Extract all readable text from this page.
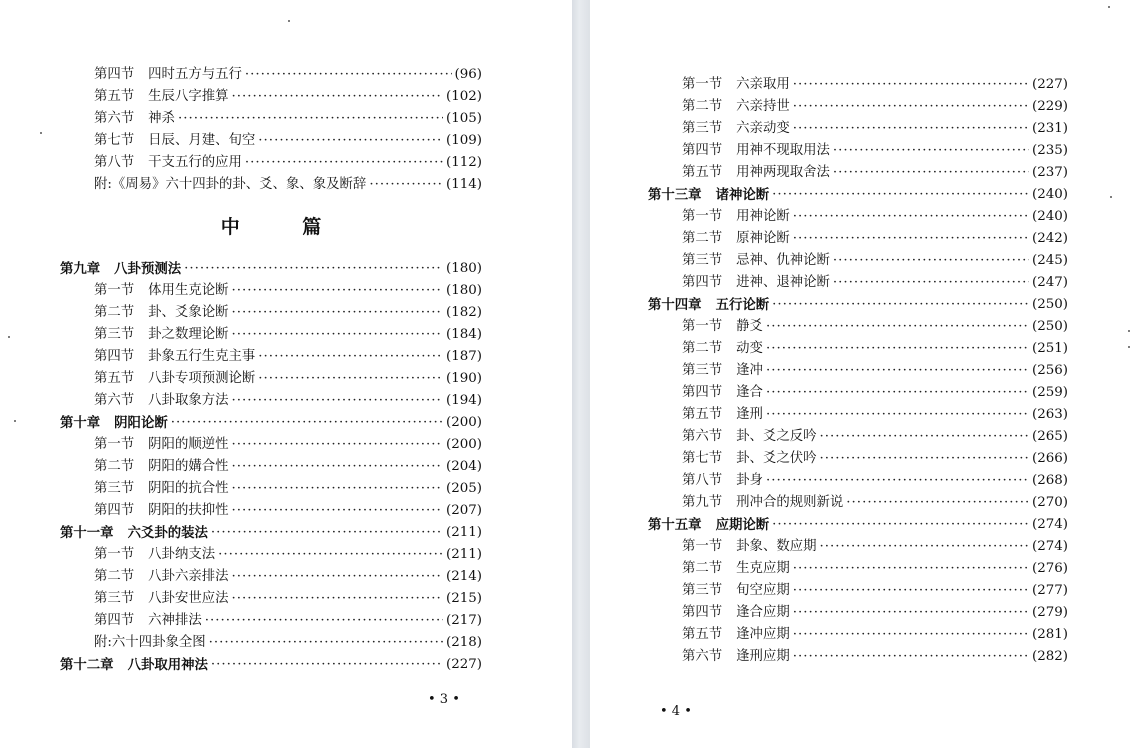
第四节 四时五方与五行 ·····	(96)
第五节 生辰八字推算 ·····	(102)
第六节 神杀 ·····	(105)
第七节 日辰、月建、旬空 ·····	(109)
第八节 干支五行的应用 ·····	(112)
附:《周易》六十四卦的卦、爻、象、象及断辞 ·····	(114)
中 篇
第九章 八卦预测法 ·····	(180)
第一节 体用生克论断 ·····	(180)
第二节 卦、爻象论断 ·····	(182)
第三节 卦之数理论断 ·····	(184)
第四节 卦象五行生克主事 ·····	(187)
第五节 八卦专项预测论断 ·····	(190)
第六节 八卦取象方法 ·····	(194)
第十章 阴阳论断 ·····	(200)
第一节 阴阳的顺逆性 ·····	(200)
第二节 阴阳的媾合性 ·····	(204)
第三节 阴阳的抗合性 ·····	(205)
第四节 阴阳的扶抑性 ·····	(207)
第十一章 六爻卦的装法 ·····	(211)
第一节 八卦纳支法 ·····	(211)
第二节 八卦六亲排法 ·····	(214)
第三节 八卦安世应法 ·····	(215)
第四节 六神排法 ·····	(217)
附:六十四卦象全图 ·····	(218)
第十二章 八卦取用神法 ·····	(227)
• 3 •
第一节 六亲取用 ·····	(227)
第二节 六亲持世 ·····	(229)
第三节 六亲动变 ·····	(231)
第四节 用神不现取用法 ·····	(235)
第五节 用神两现取舍法 ·····	(237)
第十三章 诸神论断 ·····	(240)
第一节 用神论断 ·····	(240)
第二节 原神论断 ·····	(242)
第三节 忌神、仇神论断 ·····	(245)
第四节 进神、退神论断 ·····	(247)
第十四章 五行论断 ·····	(250)
第一节 静爻 ·····	(250)
第二节 动变 ·····	(251)
第三节 逢冲 ·····	(256)
第四节 逢合 ·····	(259)
第五节 逢刑 ·····	(263)
第六节 卦、爻之反吟 ·····	(265)
第七节 卦、爻之伏吟 ·····	(266)
第八节 卦身 ·····	(268)
第九节 刑冲合的规则新说 ·····	(270)
第十五章 应期论断 ·····	(274)
第一节 卦象、数应期 ·····	(274)
第二节 生克应期 ·····	(276)
第三节 旬空应期 ·····	(277)
第四节 逢合应期 ·····	(279)
第五节 逢冲应期 ·····	(281)
第六节 逢刑应期 ·····	(282)
• 4 •
